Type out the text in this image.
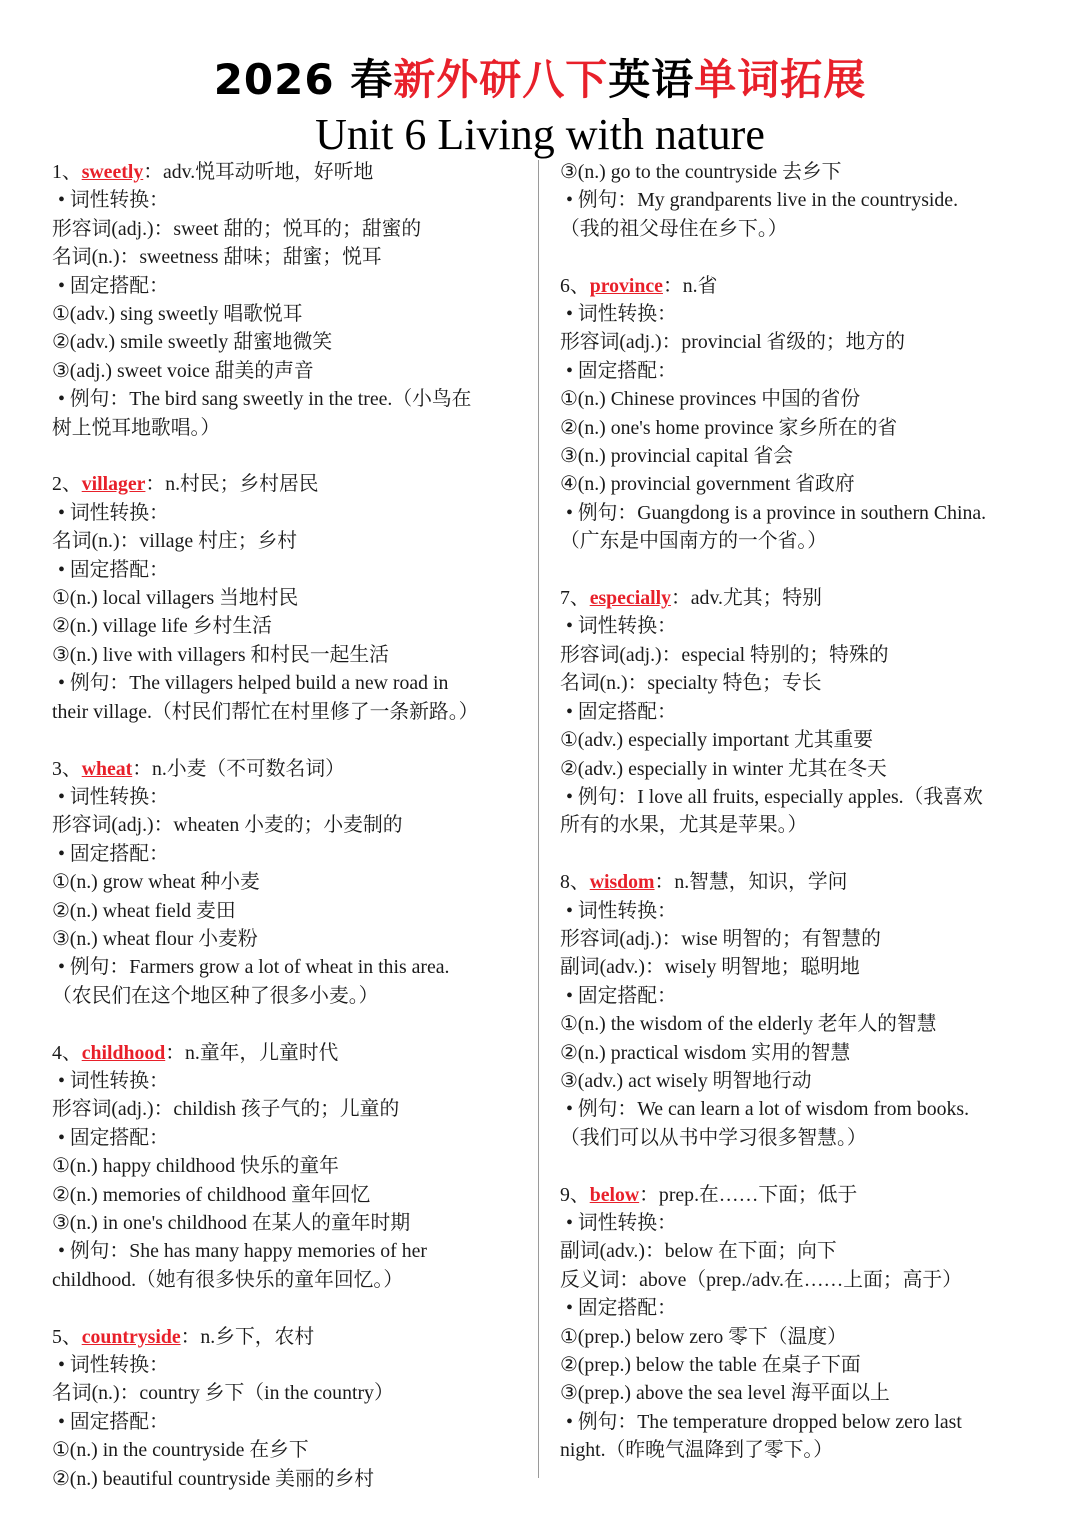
2026 春新外研八下英语单词拓展
Unit 6 Living with nature
1、sweetly：adv.悦耳动听地，好听地
• 词性转换：
形容词(adj.)：sweet 甜的；悦耳的；甜蜜的
名词(n.)：sweetness 甜味；甜蜜；悦耳
• 固定搭配：
①(adv.) sing sweetly 唱歌悦耳
②(adv.) smile sweetly 甜蜜地微笑
③(adj.) sweet voice 甜美的声音
• 例句：The bird sang sweetly in the tree.（小鸟在
树上悦耳地歌唱。）
2、villager：n.村民；乡村居民
• 词性转换：
名词(n.)：village 村庄；乡村
• 固定搭配：
①(n.) local villagers 当地村民
②(n.) village life 乡村生活
③(n.) live with villagers 和村民一起生活
• 例句：The villagers helped build a new road in
their village.（村民们帮忙在村里修了一条新路。）
3、wheat：n.小麦（不可数名词）
• 词性转换：
形容词(adj.)：wheaten 小麦的；小麦制的
• 固定搭配：
①(n.) grow wheat 种小麦
②(n.) wheat field 麦田
③(n.) wheat flour 小麦粉
• 例句：Farmers grow a lot of wheat in this area.
（农民们在这个地区种了很多小麦。）
4、childhood：n.童年，儿童时代
• 词性转换：
形容词(adj.)：childish 孩子气的；儿童的
• 固定搭配：
①(n.) happy childhood 快乐的童年
②(n.) memories of childhood 童年回忆
③(n.) in one's childhood 在某人的童年时期
• 例句：She has many happy memories of her
childhood.（她有很多快乐的童年回忆。）
5、countryside：n.乡下，农村
• 词性转换：
名词(n.)：country 乡下（in the country）
• 固定搭配：
①(n.) in the countryside 在乡下
②(n.) beautiful countryside 美丽的乡村
③(n.) go to the countryside 去乡下
• 例句：My grandparents live in the countryside.
（我的祖父母住在乡下。）
6、province：n.省
• 词性转换：
形容词(adj.)：provincial 省级的；地方的
• 固定搭配：
①(n.) Chinese provinces 中国的省份
②(n.) one's home province 家乡所在的省
③(n.) provincial capital 省会
④(n.) provincial government 省政府
• 例句：Guangdong is a province in southern China.
（广东是中国南方的一个省。）
7、especially：adv.尤其；特别
• 词性转换：
形容词(adj.)：especial 特别的；特殊的
名词(n.)：specialty 特色；专长
• 固定搭配：
①(adv.) especially important 尤其重要
②(adv.) especially in winter 尤其在冬天
• 例句：I love all fruits, especially apples.（我喜欢
所有的水果，尤其是苹果。）
8、wisdom：n.智慧，知识，学问
• 词性转换：
形容词(adj.)：wise 明智的；有智慧的
副词(adv.)：wisely 明智地；聪明地
• 固定搭配：
①(n.) the wisdom of the elderly 老年人的智慧
②(n.) practical wisdom 实用的智慧
③(adv.) act wisely 明智地行动
• 例句：We can learn a lot of wisdom from books.
（我们可以从书中学习很多智慧。）
9、below：prep.在……下面；低于
• 词性转换：
副词(adv.)：below 在下面；向下
反义词：above（prep./adv.在……上面；高于）
• 固定搭配：
①(prep.) below zero 零下（温度）
②(prep.) below the table 在桌子下面
③(prep.) above the sea level 海平面以上
• 例句：The temperature dropped below zero last
night.（昨晚气温降到了零下。）
